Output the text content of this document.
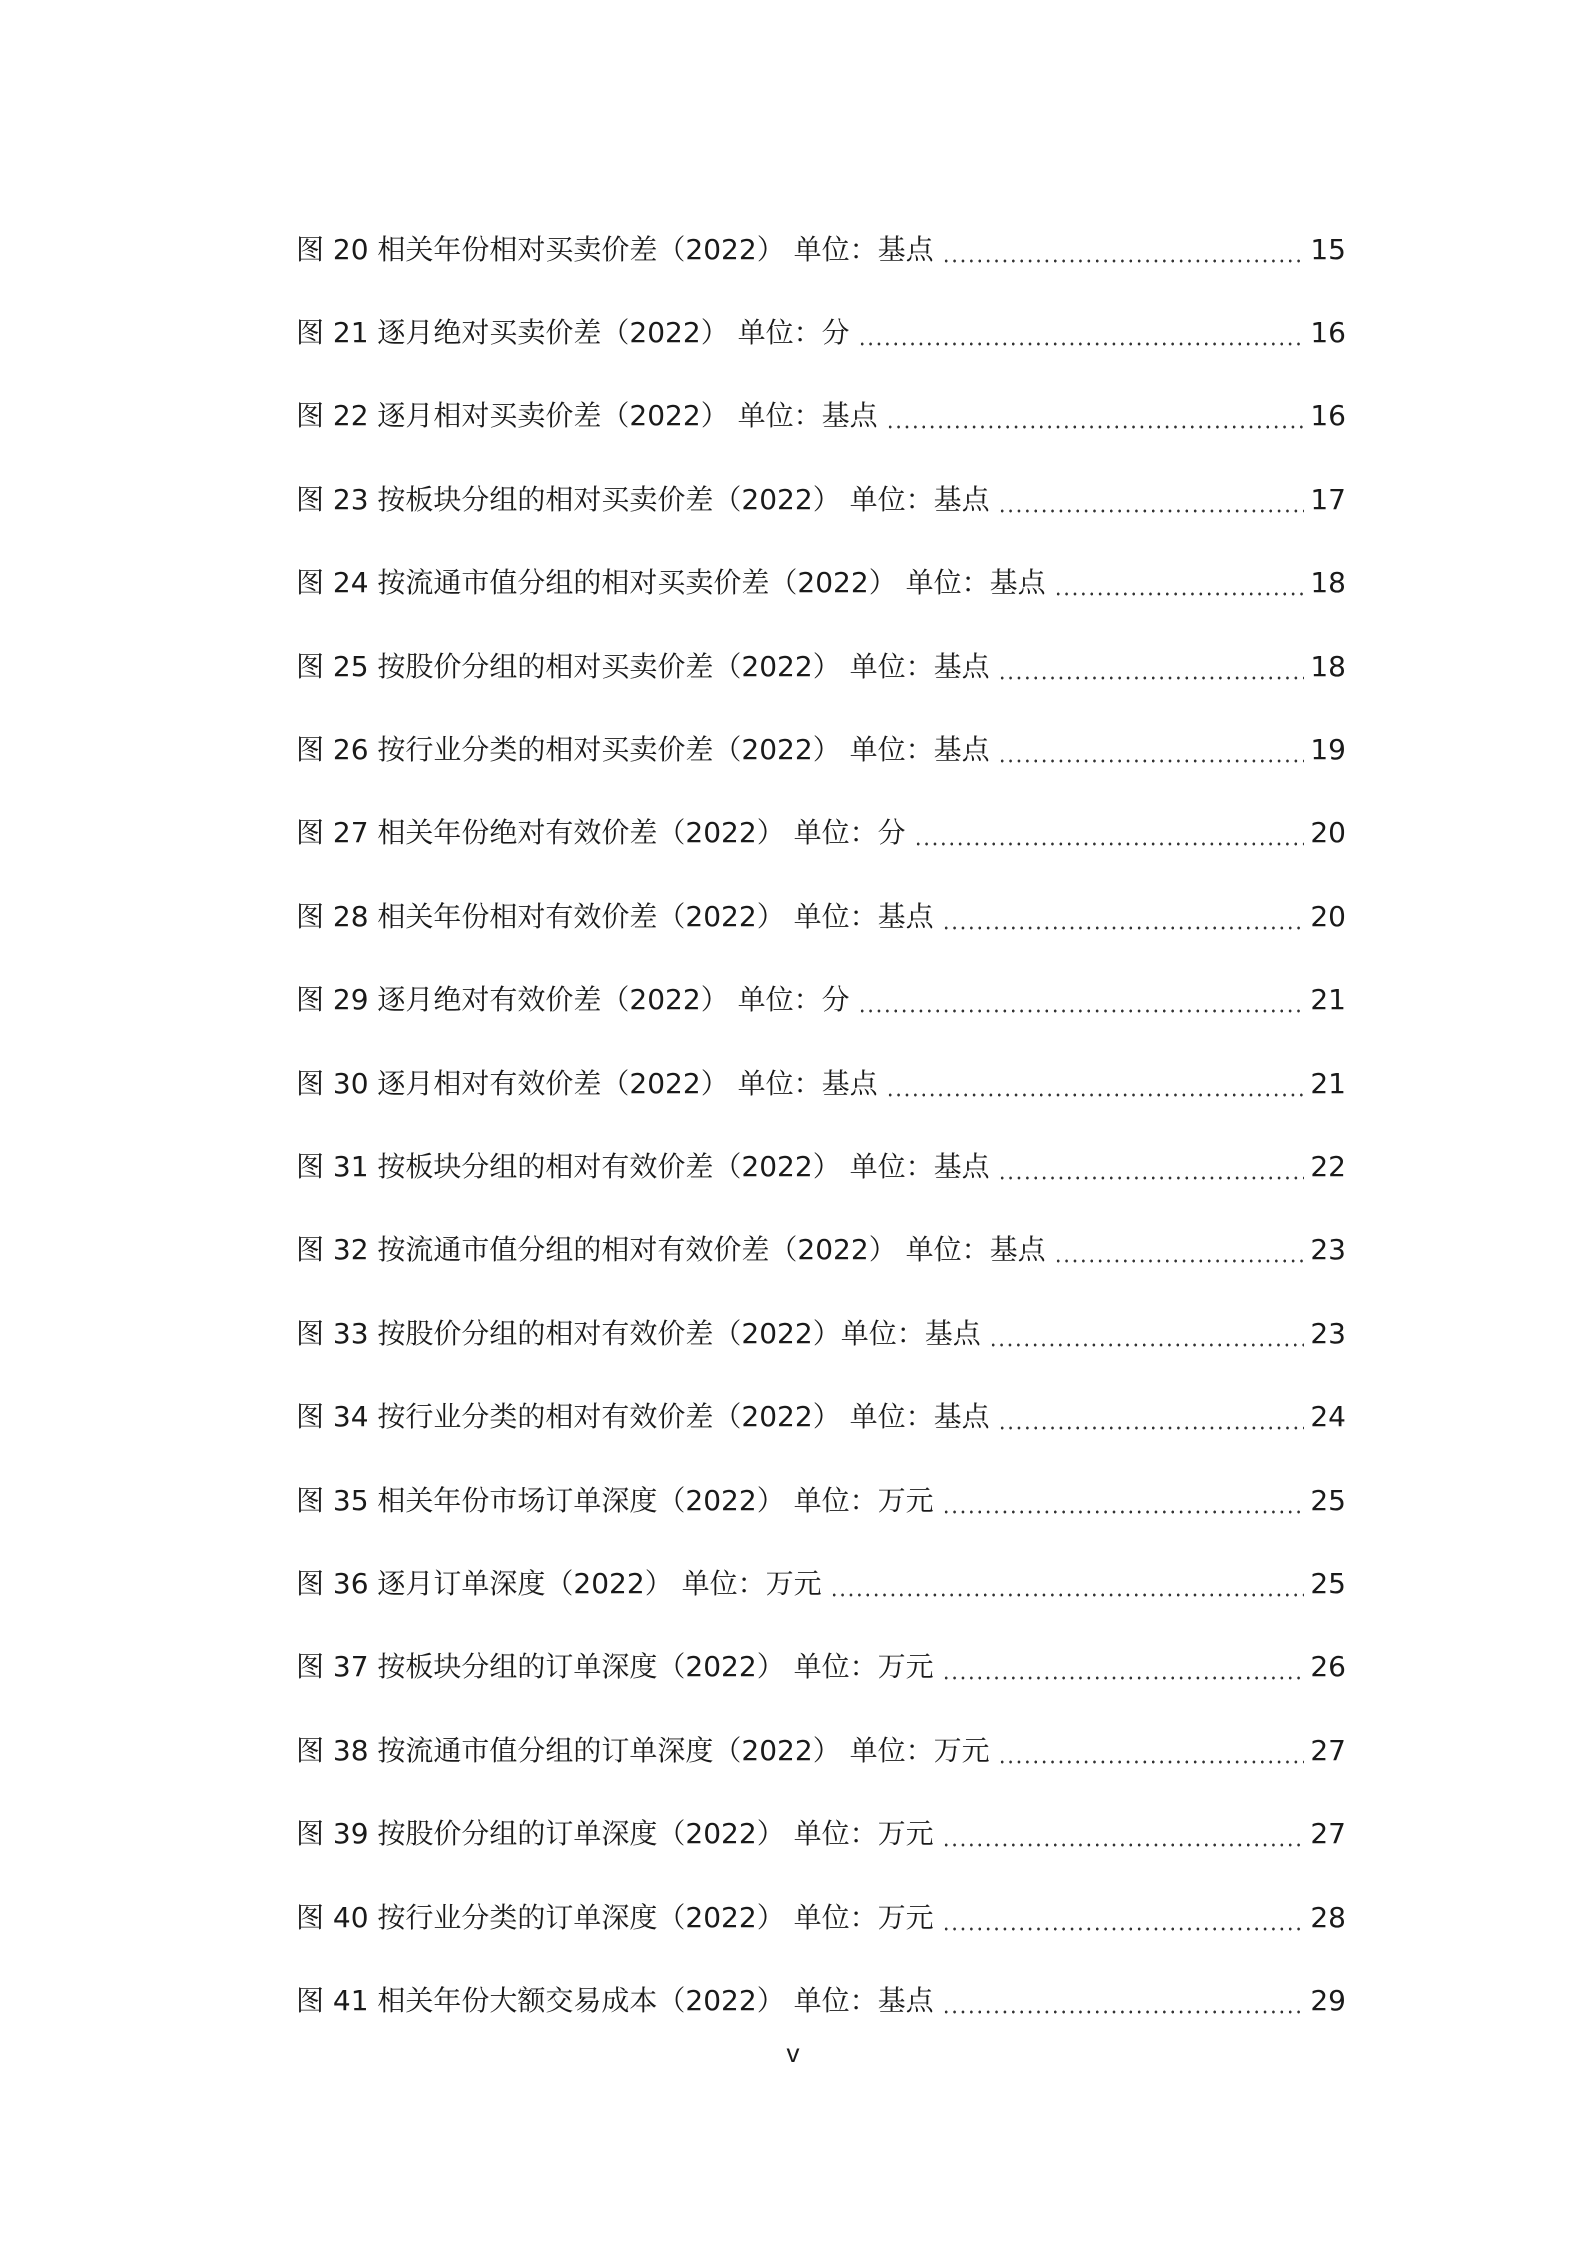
图 20 相关年份相对买卖价差（2022） 单位：基点	15
图 21 逐月绝对买卖价差（2022） 单位：分	16
图 22 逐月相对买卖价差（2022） 单位：基点	16
图 23 按板块分组的相对买卖价差（2022） 单位：基点	17
图 24 按流通市值分组的相对买卖价差（2022） 单位：基点	18
图 25 按股价分组的相对买卖价差（2022） 单位：基点	18
图 26 按行业分类的相对买卖价差（2022） 单位：基点	19
图 27 相关年份绝对有效价差（2022） 单位：分	20
图 28 相关年份相对有效价差（2022） 单位：基点	20
图 29 逐月绝对有效价差（2022） 单位：分	21
图 30 逐月相对有效价差（2022） 单位：基点	21
图 31 按板块分组的相对有效价差（2022） 单位：基点	22
图 32 按流通市值分组的相对有效价差（2022） 单位：基点	23
图 33 按股价分组的相对有效价差（2022）单位：基点	23
图 34 按行业分类的相对有效价差（2022） 单位：基点	24
图 35 相关年份市场订单深度（2022） 单位：万元	25
图 36 逐月订单深度（2022） 单位：万元	25
图 37 按板块分组的订单深度（2022） 单位：万元	26
图 38 按流通市值分组的订单深度（2022） 单位：万元	27
图 39 按股价分组的订单深度（2022） 单位：万元	27
图 40 按行业分类的订单深度（2022） 单位：万元	28
图 41 相关年份大额交易成本（2022） 单位：基点	29
v
